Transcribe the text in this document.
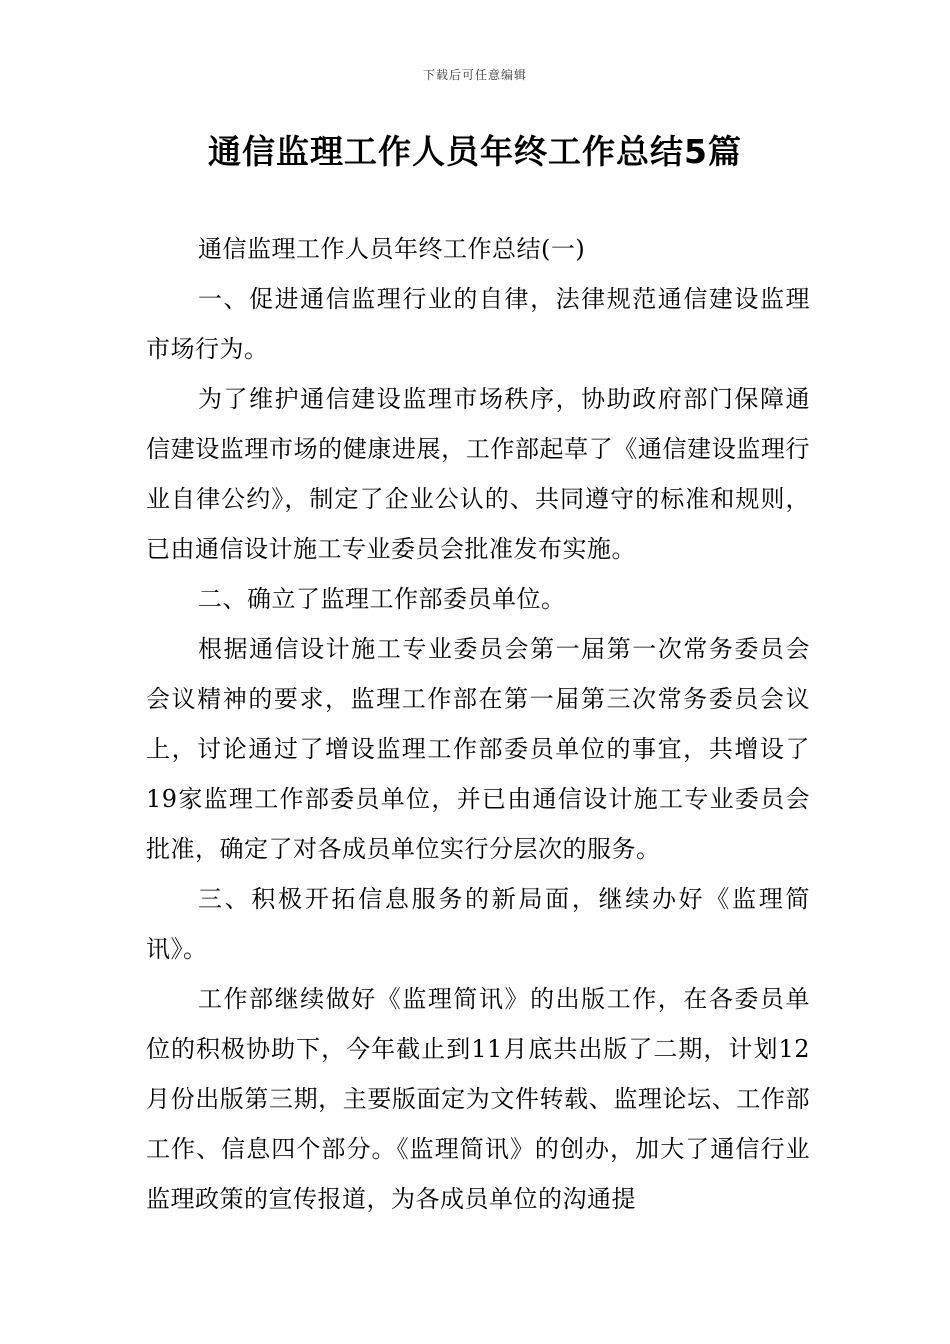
下载后可任意编辑
通信监理工作人员年终工作总结5篇

通信监理工作人员年终工作总结(一)

一、促进通信监理行业的自律，法律规范通信建设监理市场行为。

为了维护通信建设监理市场秩序，协助政府部门保障通信建设监理市场的健康进展，工作部起草了《通信建设监理行业自律公约》，制定了企业公认的、共同遵守的标准和规则，已由通信设计施工专业委员会批准发布实施。

二、确立了监理工作部委员单位。

根据通信设计施工专业委员会第一届第一次常务委员会会议精神的要求，监理工作部在第一届第三次常务委员会议上，讨论通过了增设监理工作部委员单位的事宜，共增设了19家监理工作部委员单位，并已由通信设计施工专业委员会批准，确定了对各成员单位实行分层次的服务。

三、积极开拓信息服务的新局面，继续办好《监理简讯》。

工作部继续做好《监理简讯》的出版工作，在各委员单位的积极协助下，今年截止到11月底共出版了二期，计划12月份出版第三期，主要版面定为文件转载、监理论坛、工作部工作、信息四个部分。《监理简讯》的创办，加大了通信行业监理政策的宣传报道，为各成员单位的沟通提
